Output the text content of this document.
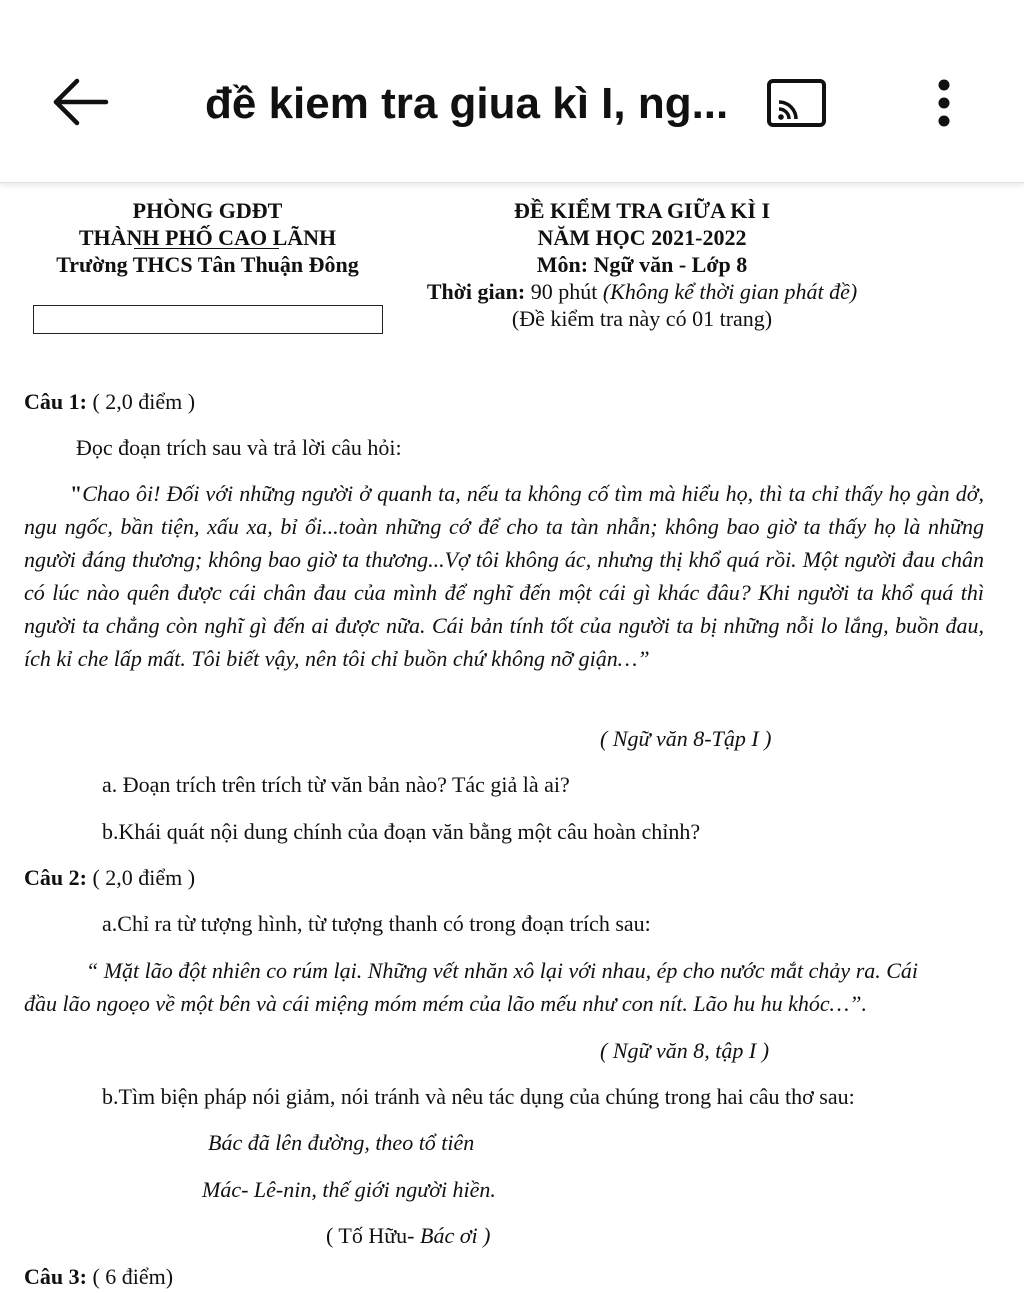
đề kiem tra giua kì I, ng...
PHÒNG GDĐT
THÀNH PHỐ CAO LÃNH
Trường THCS Tân Thuận Đông
ĐỀ KIỂM TRA GIỮA KÌ I
NĂM HỌC 2021-2022
Môn: Ngữ văn - Lớp 8
Thời gian: 90 phút (Không kể thời gian phát đề)
(Đề kiểm tra này có 01 trang)
Câu 1: ( 2,0 điểm )
Đọc đoạn trích sau và trả lời câu hỏi:
"Chao ôi! Đối với những người ở quanh ta, nếu ta không cố tìm mà hiểu họ, thì ta chỉ thấy họ gàn dở, ngu ngốc, bần tiện, xấu xa, bỉ ổi...toàn những cớ để cho ta tàn nhẫn; không bao giờ ta thấy họ là những người đáng thương; không bao giờ ta thương...Vợ tôi không ác, nhưng thị khổ quá rồi. Một người đau chân có lúc nào quên được cái chân đau của mình để nghĩ đến một cái gì khác đâu? Khi người ta khổ quá thì người ta chẳng còn nghĩ gì đến ai được nữa. Cái bản tính tốt của người ta bị những nỗi lo lắng, buồn đau, ích kỉ che lấp mất. Tôi biết vậy, nên tôi chỉ buồn chứ không nỡ giận…”
( Ngữ văn 8-Tập I )
a. Đoạn trích trên trích từ văn bản nào? Tác giả là ai?
b.Khái quát nội dung chính của đoạn văn bằng một câu hoàn chỉnh?
Câu 2: ( 2,0 điểm )
a.Chỉ ra từ tượng hình, từ tượng thanh có trong đoạn trích sau:
“ Mặt lão đột nhiên co rúm lại. Những vết nhăn xô lại với nhau, ép cho nước mắt chảy ra. Cái
đầu lão ngoẹo về một bên và cái miệng móm mém của lão mếu như con nít. Lão hu hu khóc…”.
( Ngữ văn 8, tập I )
b.Tìm biện pháp nói giảm, nói tránh và nêu tác dụng của chúng trong hai câu thơ sau:
Bác đã lên đường, theo tổ tiên
Mác- Lê-nin, thế giới người hiền.
( Tố Hữu- Bác ơi )
Câu 3: ( 6 điểm)
